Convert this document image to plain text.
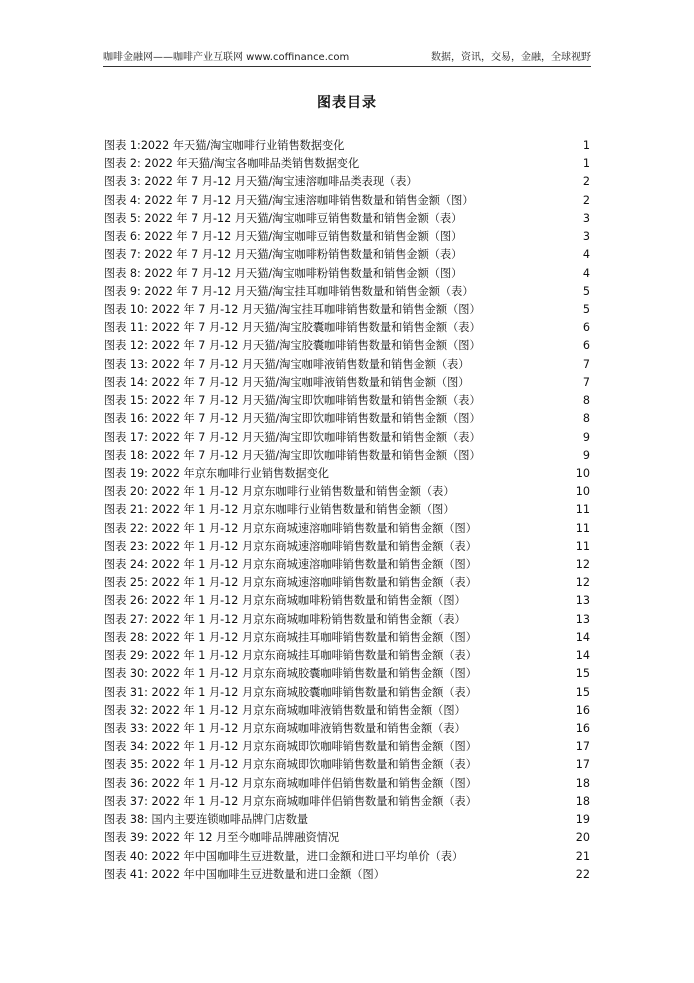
咖啡金融网——咖啡产业互联网 www.coffinance.com	数据，资讯，交易，金融，全球视野
图表目录
图表 1:2022 年天猫/淘宝咖啡行业销售数据变化	1
图表 2: 2022 年天猫/淘宝各咖啡品类销售数据变化	1
图表 3: 2022 年 7 月-12 月天猫/淘宝速溶咖啡品类表现（表）	2
图表 4: 2022 年 7 月-12 月天猫/淘宝速溶咖啡销售数量和销售金额（图）	2
图表 5: 2022 年 7 月-12 月天猫/淘宝咖啡豆销售数量和销售金额（表）	3
图表 6: 2022 年 7 月-12 月天猫/淘宝咖啡豆销售数量和销售金额（图）	3
图表 7: 2022 年 7 月-12 月天猫/淘宝咖啡粉销售数量和销售金额（表）	4
图表 8: 2022 年 7 月-12 月天猫/淘宝咖啡粉销售数量和销售金额（图）	4
图表 9: 2022 年 7 月-12 月天猫/淘宝挂耳咖啡销售数量和销售金额（表）	5
图表 10: 2022 年 7 月-12 月天猫/淘宝挂耳咖啡销售数量和销售金额（图）	5
图表 11: 2022 年 7 月-12 月天猫/淘宝胶囊咖啡销售数量和销售金额（表）	6
图表 12: 2022 年 7 月-12 月天猫/淘宝胶囊咖啡销售数量和销售金额（图）	6
图表 13: 2022 年 7 月-12 月天猫/淘宝咖啡液销售数量和销售金额（表）	7
图表 14: 2022 年 7 月-12 月天猫/淘宝咖啡液销售数量和销售金额（图）	7
图表 15: 2022 年 7 月-12 月天猫/淘宝即饮咖啡销售数量和销售金额（表）	8
图表 16: 2022 年 7 月-12 月天猫/淘宝即饮咖啡销售数量和销售金额（图）	8
图表 17: 2022 年 7 月-12 月天猫/淘宝即饮咖啡销售数量和销售金额（表）	9
图表 18: 2022 年 7 月-12 月天猫/淘宝即饮咖啡销售数量和销售金额（图）	9
图表 19: 2022 年京东咖啡行业销售数据变化	10
图表 20: 2022 年 1 月-12 月京东咖啡行业销售数量和销售金额（表）	10
图表 21: 2022 年 1 月-12 月京东咖啡行业销售数量和销售金额（图）	11
图表 22: 2022 年 1 月-12 月京东商城速溶咖啡销售数量和销售金额（图）	11
图表 23: 2022 年 1 月-12 月京东商城速溶咖啡销售数量和销售金额（表）	11
图表 24: 2022 年 1 月-12 月京东商城速溶咖啡销售数量和销售金额（图）	12
图表 25: 2022 年 1 月-12 月京东商城速溶咖啡销售数量和销售金额（表）	12
图表 26: 2022 年 1 月-12 月京东商城咖啡粉销售数量和销售金额（图）	13
图表 27: 2022 年 1 月-12 月京东商城咖啡粉销售数量和销售金额（表）	13
图表 28: 2022 年 1 月-12 月京东商城挂耳咖啡销售数量和销售金额（图）	14
图表 29: 2022 年 1 月-12 月京东商城挂耳咖啡销售数量和销售金额（表）	14
图表 30: 2022 年 1 月-12 月京东商城胶囊咖啡销售数量和销售金额（图）	15
图表 31: 2022 年 1 月-12 月京东商城胶囊咖啡销售数量和销售金额（表）	15
图表 32: 2022 年 1 月-12 月京东商城咖啡液销售数量和销售金额（图）	16
图表 33: 2022 年 1 月-12 月京东商城咖啡液销售数量和销售金额（表）	16
图表 34: 2022 年 1 月-12 月京东商城即饮咖啡销售数量和销售金额（图）	17
图表 35: 2022 年 1 月-12 月京东商城即饮咖啡销售数量和销售金额（表）	17
图表 36: 2022 年 1 月-12 月京东商城咖啡伴侣销售数量和销售金额（图）	18
图表 37: 2022 年 1 月-12 月京东商城咖啡伴侣销售数量和销售金额（表）	18
图表 38: 国内主要连锁咖啡品牌门店数量	19
图表 39: 2022 年 12 月至今咖啡品牌融资情况	20
图表 40: 2022 年中国咖啡生豆进数量，进口金额和进口平均单价（表）	21
图表 41: 2022 年中国咖啡生豆进数量和进口金额（图）	22
